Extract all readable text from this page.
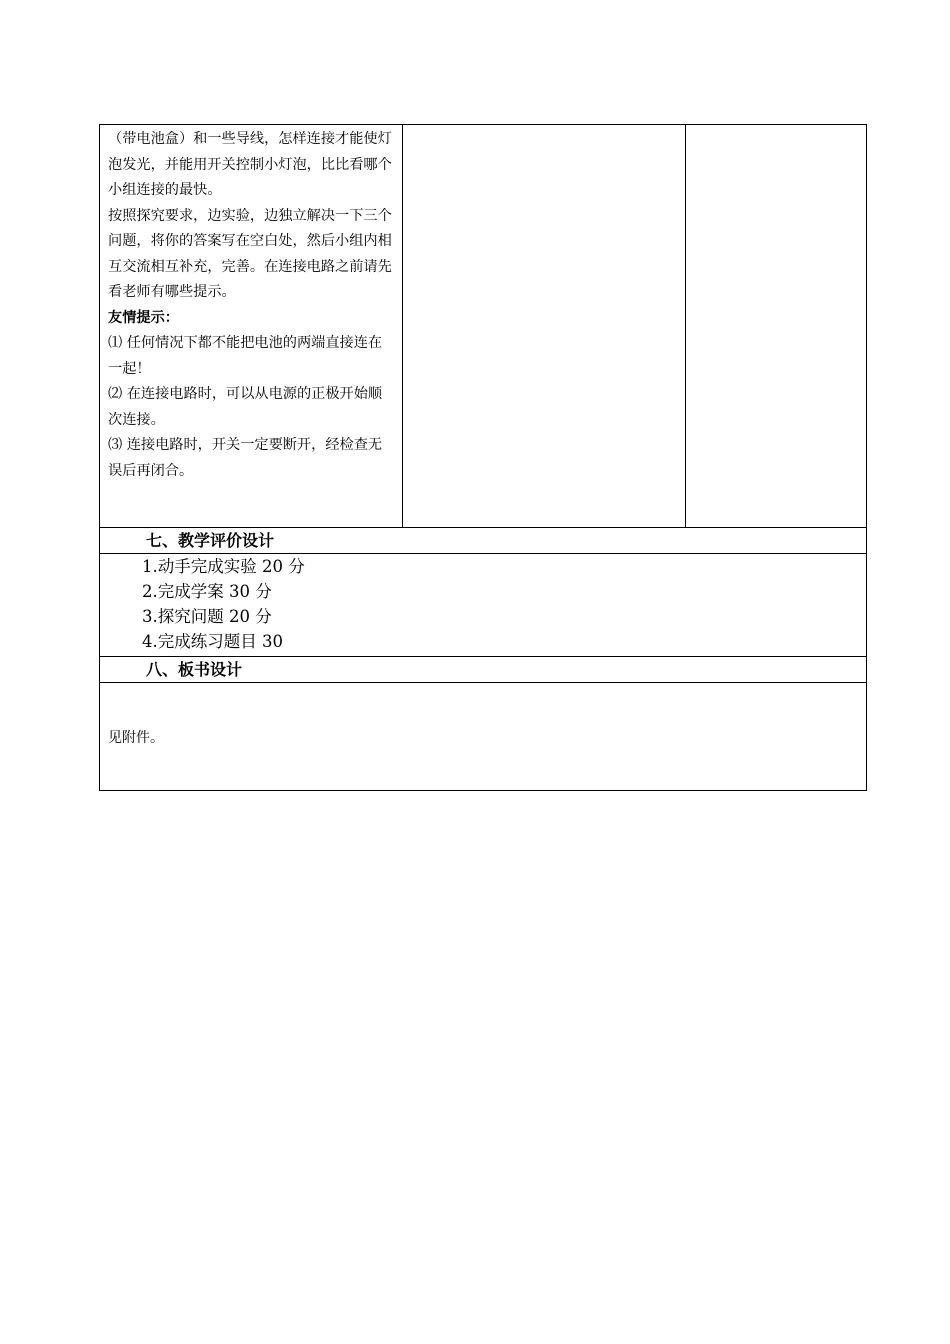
（带电池盒）和一些导线，怎样连接才能使灯泡发光，并能用开关控制小灯泡，比比看哪个小组连接的最快。

按照探究要求，边实验，边独立解决一下三个问题，将你的答案写在空白处，然后小组内相互交流相互补充，完善。在连接电路之前请先看老师有哪些提示。

友情提示：

⑴ 任何情况下都不能把电池的两端直接连在一起！

⑵ 在连接电路时，可以从电源的正极开始顺次连接。

⑶ 连接电路时，开关一定要断开，经检查无误后再闭合。

七、教学评价设计

1.动手完成实验 20 分
2.完成学案 30 分
3.探究问题 20 分
4.完成练习题目 30

八、板书设计

见附件。
